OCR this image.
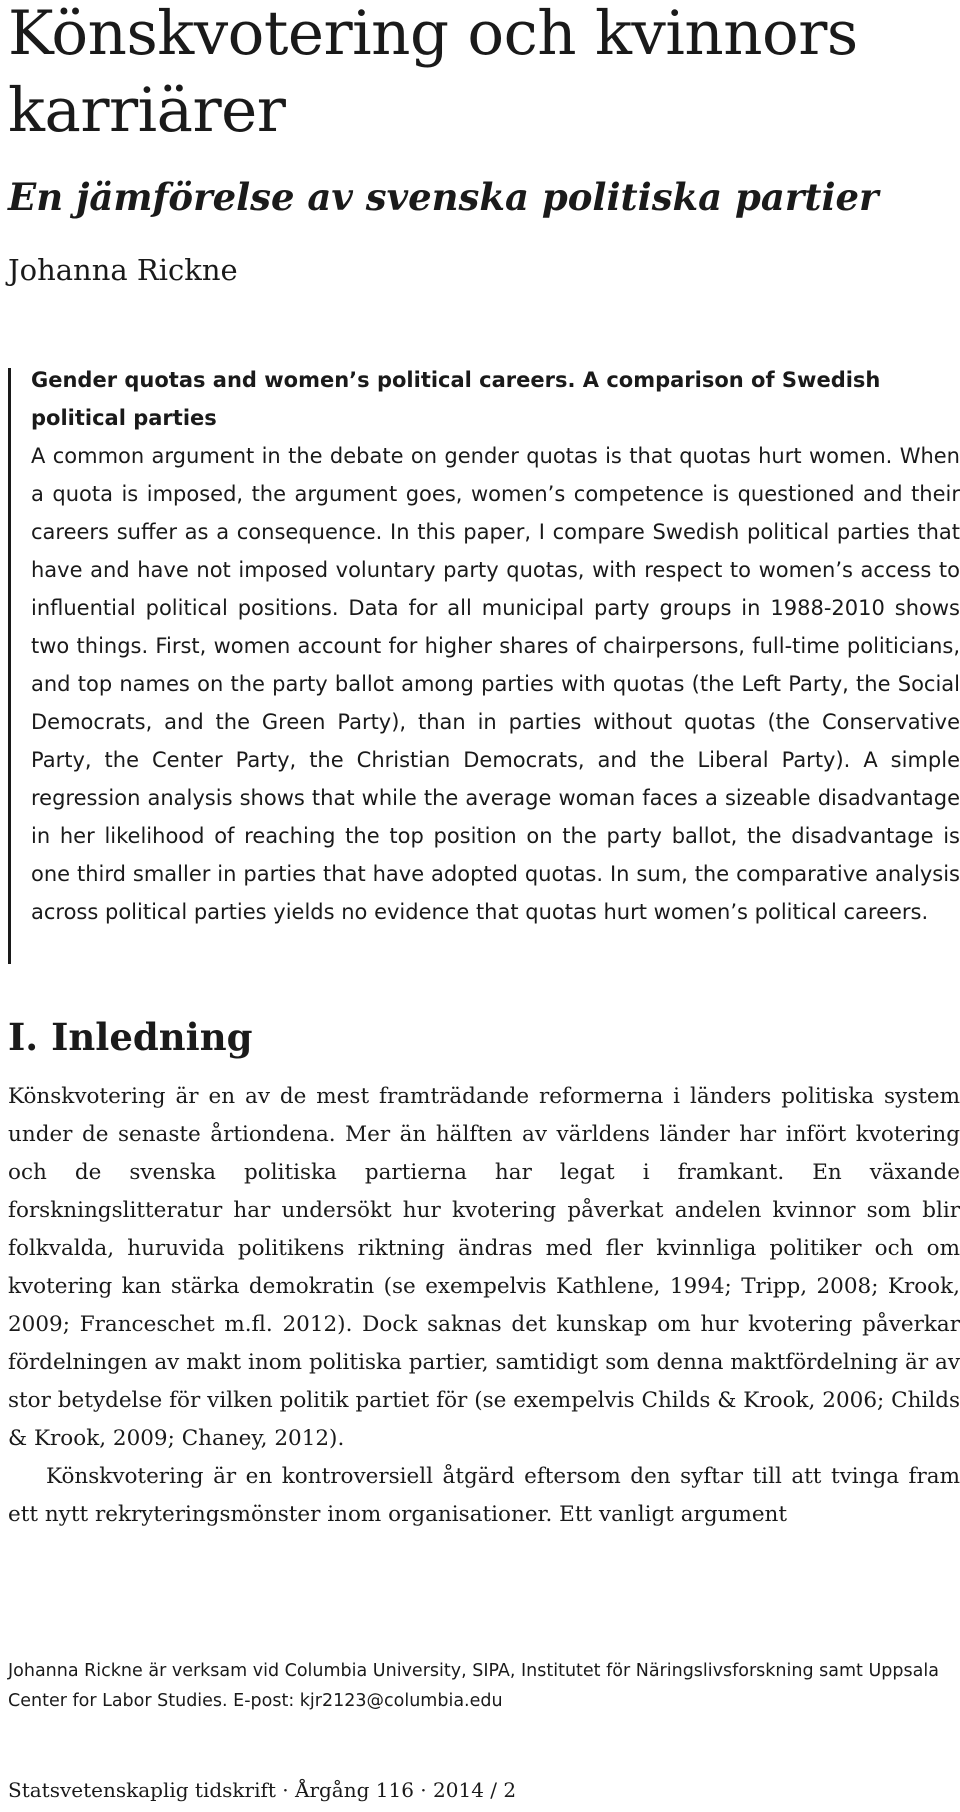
Könskvotering och kvinnors karriärer
En jämförelse av svenska politiska partier

Johanna Rickne

Gender quotas and women’s political careers. A comparison of Swedish political parties

A common argument in the debate on gender quotas is that quotas hurt women. When a quota is imposed, the argument goes, women’s competence is questioned and their careers suffer as a consequence. In this paper, I compare Swedish political parties that have and have not imposed voluntary party quotas, with respect to women’s access to influential political positions. Data for all municipal party groups in 1988-2010 shows two things. First, women account for higher shares of chairpersons, full-time politicians, and top names on the party ballot among parties with quotas (the Left Party, the Social Democrats, and the Green Party), than in parties without quotas (the Conservative Party, the Center Party, the Christian Democrats, and the Liberal Party). A simple regression analysis shows that while the average woman faces a sizeable disadvantage in her likelihood of reaching the top position on the party ballot, the disadvantage is one third smaller in parties that have adopted quotas. In sum, the comparative analysis across political parties yields no evidence that quotas hurt women’s political careers.

I. Inledning

Könskvotering är en av de mest framträdande reformerna i länders politiska system under de senaste årtiondena. Mer än hälften av världens länder har infört kvotering och de svenska politiska partierna har legat i framkant. En växande forskningslitteratur har undersökt hur kvotering påverkat andelen kvinnor som blir folkvalda, huruvida politikens riktning ändras med fler kvinnliga politiker och om kvotering kan stärka demokratin (se exempelvis Kathlene, 1994; Tripp, 2008; Krook, 2009; Franceschet m.fl. 2012). Dock saknas det kunskap om hur kvotering påverkar fördelningen av makt inom politiska partier, samtidigt som denna maktfördelning är av stor betydelse för vilken politik partiet för (se exempelvis Childs & Krook, 2006; Childs & Krook, 2009; Chaney, 2012).

Könskvotering är en kontroversiell åtgärd eftersom den syftar till att tvinga fram ett nytt rekryteringsmönster inom organisationer. Ett vanligt argument

Johanna Rickne är verksam vid Columbia University, SIPA, Institutet för Näringslivsforskning samt Uppsala Center for Labor Studies. E-post: kjr2123@columbia.edu

Statsvetenskaplig tidskrift · Årgång 116 · 2014 / 2
